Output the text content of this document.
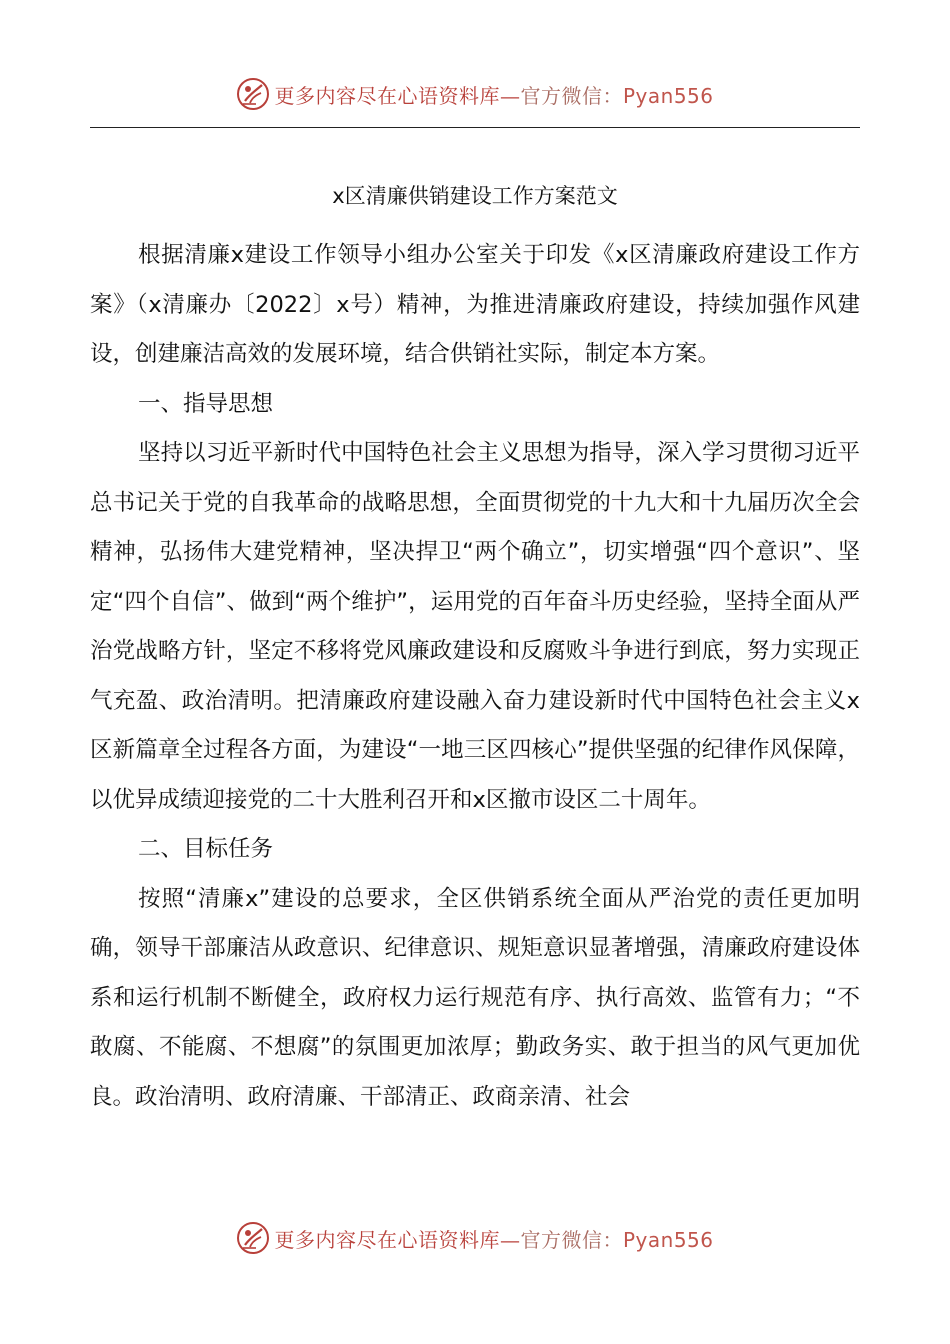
更多内容尽在心语资料库—官方微信：Pyan556
x区清廉供销建设工作方案范文

根据清廉x建设工作领导小组办公室关于印发《x区清廉政府建设工作方案》（x清廉办〔2022〕x号）精神，为推进清廉政府建设，持续加强作风建设，创建廉洁高效的发展环境，结合供销社实际，制定本方案。

一、指导思想

坚持以习近平新时代中国特色社会主义思想为指导，深入学习贯彻习近平总书记关于党的自我革命的战略思想，全面贯彻党的十九大和十九届历次全会精神，弘扬伟大建党精神，坚决捍卫“两个确立”，切实增强“四个意识”、坚定“四个自信”、做到“两个维护”，运用党的百年奋斗历史经验，坚持全面从严治党战略方针，坚定不移将党风廉政建设和反腐败斗争进行到底，努力实现正气充盈、政治清明。把清廉政府建设融入奋力建设新时代中国特色社会主义x区新篇章全过程各方面，为建设“一地三区四核心”提供坚强的纪律作风保障，以优异成绩迎接党的二十大胜利召开和x区撤市设区二十周年。

二、目标任务

按照“清廉x”建设的总要求，全区供销系统全面从严治党的责任更加明确，领导干部廉洁从政意识、纪律意识、规矩意识显著增强，清廉政府建设体系和运行机制不断健全，政府权力运行规范有序、执行高效、监管有力；“不敢腐、不能腐、不想腐”的氛围更加浓厚；勤政务实、敢于担当的风气更加优良。政治清明、政府清廉、干部清正、政商亲清、社会

更多内容尽在心语资料库—官方微信：Pyan556
